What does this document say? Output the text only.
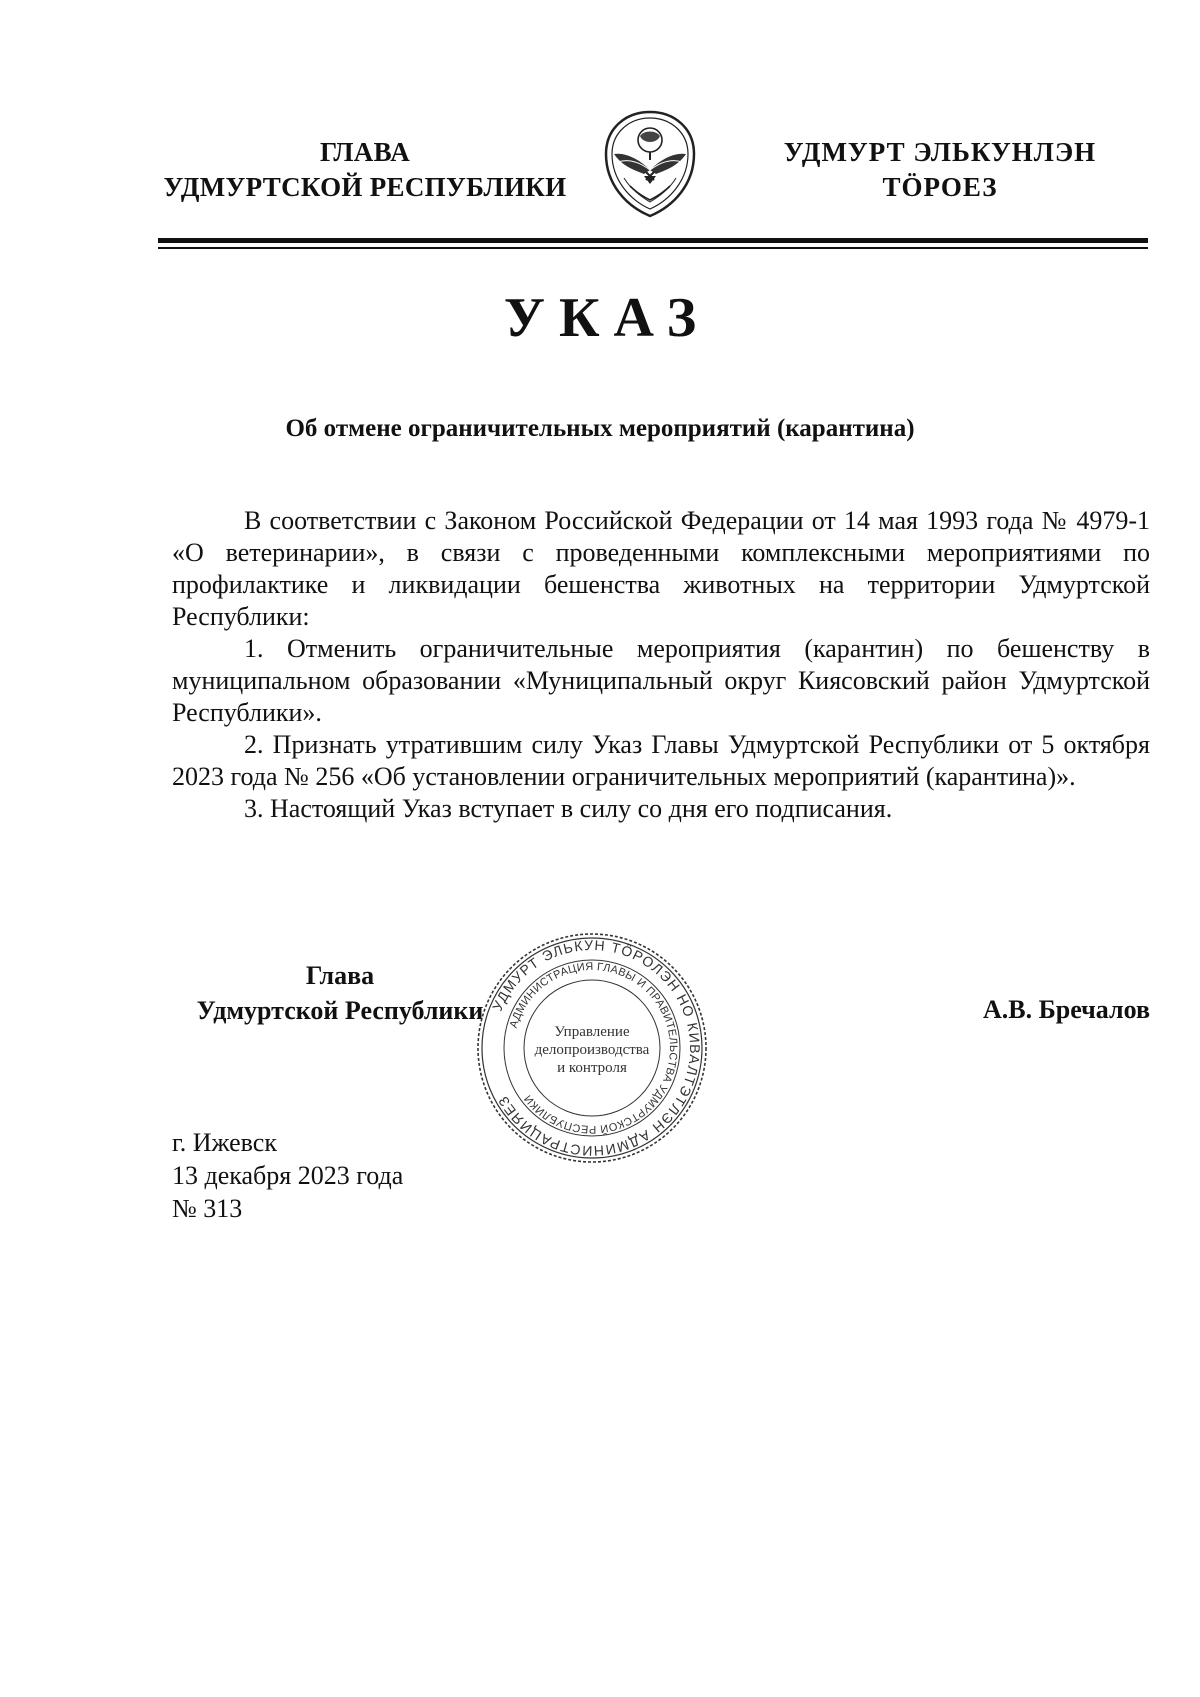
ГЛАВА
УДМУРТСКОЙ РЕСПУБЛИКИ
УДМУРТ ЭЛЬКУНЛЭН
ТӦРОЕЗ
УКАЗ
Об отмене ограничительных мероприятий (карантина)

В соответствии с Законом Российской Федерации от 14 мая 1993 года № 4979-1 «О ветеринарии», в связи с проведенными комплексными мероприятиями по профилактике и ликвидации бешенства животных на территории Удмуртской Республики:

1. Отменить ограничительные мероприятия (карантин) по бешенству в муниципальном образовании «Муниципальный округ Киясовский район Удмуртской Республики».

2. Признать утратившим силу Указ Главы Удмуртской Республики от 5 октября 2023 года № 256 «Об установлении ограничительных мероприятий (карантина)».

3. Настоящий Указ вступает в силу со дня его подписания.

Глава
Удмуртской Республики	А.В. Бречалов
УДМУРТ ЭЛЬКУН ТӦРОЛЭН НО КИВАЛТЭТЛЭН АДМИНИСТРАЦИЯЕЗ
АДМИНИСТРАЦИЯ ГЛАВЫ И ПРАВИТЕЛЬСТВА УДМУРТСКОЙ РЕСПУБЛИКИ
Управление
делопроизводства
и контроля
г. Ижевск
13 декабря 2023 года
№ 313
